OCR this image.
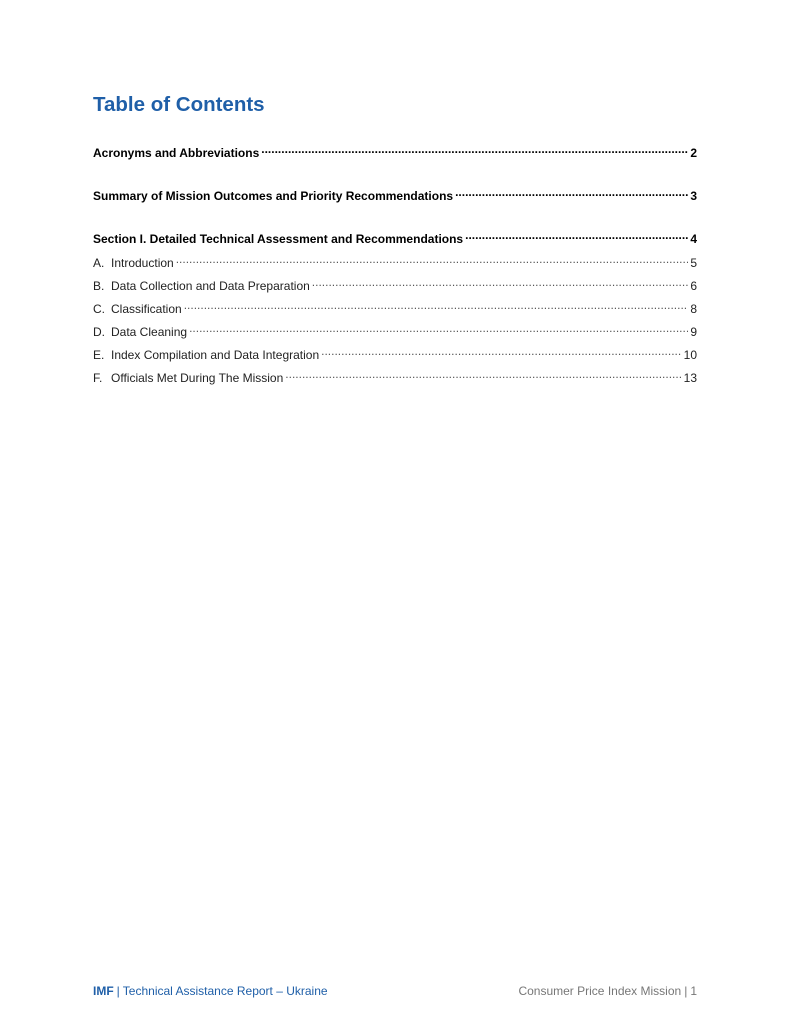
Table of Contents
Acronyms and Abbreviations .....	2
Summary of Mission Outcomes and Priority Recommendations .....	3
Section I. Detailed Technical Assessment and Recommendations .....	4
A. Introduction .....	5
B. Data Collection and Data Preparation .....	6
C. Classification .....	8
D. Data Cleaning .....	9
E. Index Compilation and Data Integration .....	10
F. Officials Met During The Mission .....	13
IMF | Technical Assistance Report – Ukraine	Consumer Price Index Mission | 1
